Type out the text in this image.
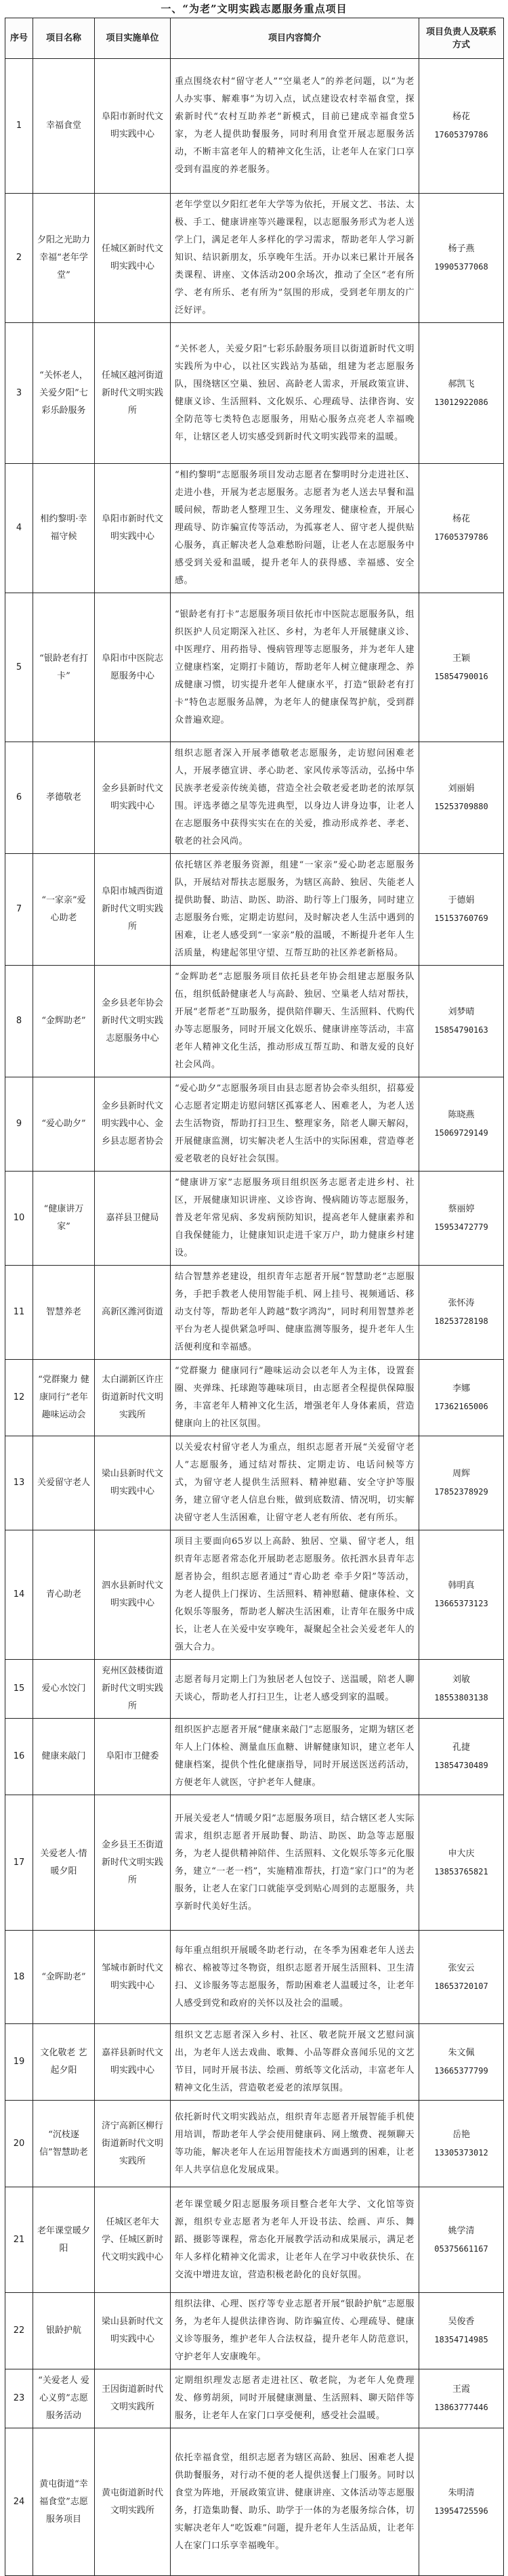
一、“为老”文明实践志愿服务重点项目
序号	项目名称	项目实施单位	项目内容简介	项目负责人及联系方式
1	幸福食堂	阜阳市新时代文明实践中心	重点围绕农村“留守老人”“空巢老人”的养老问题，以“为老人办实事、解难事”为切入点，试点建设农村幸福食堂，探索新时代“农村互助养老”新模式，目前已建成幸福食堂5家，为老人提供助餐服务，同时利用食堂开展志愿服务活动，不断丰富老年人的精神文化生活，让老年人在家门口享受到有温度的养老服务。	杨花
17605379786

2	夕阳之光助力幸福“老年学堂”	任城区新时代文明实践中心	老年学堂以夕阳红老年大学等为依托，开展文艺、书法、太极、手工、健康讲座等兴趣课程，以志愿服务形式为老人送学上门，满足老年人多样化的学习需求，帮助老年人学习新知识、结识新朋友，乐享晚年生活。开办以来已累计开展各类课程、讲座、文体活动200余场次，推动了全区“老有所学、老有所乐、老有所为”氛围的形成，受到老年朋友的广泛好评。	杨子燕
19905377068

3	“关怀老人，关爱夕阳”七彩乐龄服务	任城区越河街道新时代文明实践所	“关怀老人，关爱夕阳”七彩乐龄服务项目以街道新时代文明实践所为中心，以社区实践站为基础，组建为老志愿服务队，围绕辖区空巢、独居、高龄老人需求，开展政策宣讲、健康义诊、生活照料、文化娱乐、心理疏导、法律咨询、安全防范等七类特色志愿服务，用贴心服务点亮老人幸福晚年，让辖区老人切实感受到新时代文明实践带来的温暖。	郝凯飞
13012922086

4	相约黎明·幸福守候	阜阳市新时代文明实践中心	“相约黎明”志愿服务项目发动志愿者在黎明时分走进社区、走进小巷，开展为老志愿服务。志愿者为老人送去早餐和温暖问候，帮助老人整理卫生、义务理发、健康检查，开展心理疏导、防诈骗宣传等活动，为孤寡老人、留守老人提供贴心服务，真正解决老人急难愁盼问题，让老人在志愿服务中感受到关爱和温暖，提升老年人的获得感、幸福感、安全感。	杨花
17605379786

5	“银龄老有打卡”	阜阳市中医院志愿服务中心	“银龄老有打卡”志愿服务项目依托市中医院志愿服务队，组织医护人员定期深入社区、乡村，为老年人开展健康义诊、中医理疗、用药指导、慢病管理等志愿服务，并为老年人建立健康档案，定期打卡随访，帮助老年人树立健康理念、养成健康习惯，切实提升老年人健康水平，打造“银龄老有打卡”特色志愿服务品牌，为老年人的健康保驾护航，受到群众普遍欢迎。	王颖
15854790016

6	孝德敬老	金乡县新时代文明实践中心	组织志愿者深入开展孝德敬老志愿服务，走访慰问困难老人，开展孝德宣讲、孝心助老、家风传承等活动，弘扬中华民族孝老爱亲传统美德，营造全社会敬老爱老助老的浓厚氛围。评选孝德之星等先进典型，以身边人讲身边事，让老人在志愿服务中获得实实在在的关爱，推动形成养老、孝老、敬老的社会风尚。	刘丽娟
15253709880

7	“一家亲”爱心助老	阜阳市城西街道新时代文明实践所	依托辖区养老服务资源，组建“一家亲”爱心助老志愿服务队，开展结对帮扶志愿服务，为辖区高龄、独居、失能老人提供助餐、助洁、助医、助浴、助行等上门服务，同时建立志愿服务台账，定期走访慰问，及时解决老人生活中遇到的困难，让老人感受到“一家亲”般的温暖，不断提升老年人生活质量，构建起邻里守望、互帮互助的社区养老新格局。	于德娟
15153760769

8	“金辉助老”	金乡县老年协会新时代文明实践志愿服务中心	“金辉助老”志愿服务项目依托县老年协会组建志愿服务队伍，组织低龄健康老人与高龄、独居、空巢老人结对帮扶，开展“老帮老”互助服务，提供陪伴聊天、生活照料、代购代办等志愿服务，同时开展文化娱乐、健康讲座等活动，丰富老年人精神文化生活，推动形成互帮互助、和谐友爱的良好社会风尚。	刘梦晴
15854790163

9	“爱心助夕”	金乡县新时代文明实践中心、金乡县志愿者协会	“爱心助夕”志愿服务项目由县志愿者协会牵头组织，招募爱心志愿者定期走访慰问辖区孤寡老人、困难老人，为老人送去生活物资，帮助打扫卫生、整理家务，陪老人聊天解闷，开展健康监测，切实解决老人生活中的实际困难，营造尊老爱老敬老的良好社会氛围。	陈晓燕
15069729149

10	“健康讲万家”	嘉祥县卫健局	“健康讲万家”志愿服务项目组织医务志愿者走进乡村、社区，开展健康知识讲座、义诊咨询、慢病随访等志愿服务，普及老年常见病、多发病预防知识，提高老年人健康素养和自我保健能力，让健康知识走进千家万户，助力健康乡村建设。	蔡丽婷
15953472779

11	智慧养老	高新区潍河街道	结合智慧养老建设，组织青年志愿者开展“智慧助老”志愿服务，手把手教老人使用智能手机、网上挂号、视频通话、移动支付等，帮助老年人跨越“数字鸿沟”，同时利用智慧养老平台为老人提供紧急呼叫、健康监测等服务，提升老年人生活便利度和幸福感。	张怀涛
18253728198

12	“党群聚力 健康同行”老年趣味运动会	太白湖新区许庄街道新时代文明实践所	“党群聚力 健康同行”趣味运动会以老年人为主体，设置套圈、夹弹珠、托球跑等趣味项目，由志愿者全程提供保障服务，丰富老年人精神文化生活，增强老年人身体素质，营造健康向上的社区氛围。	李娜
17362165006

13	关爱留守老人	梁山县新时代文明实践中心	以关爱农村留守老人为重点，组织志愿者开展“关爱留守老人”志愿服务，通过结对帮扶、定期走访、电话问候等方式，为留守老人提供生活照料、精神慰藉、安全守护等服务，建立留守老人信息台账，做到底数清、情况明，切实解决留守老人生活困难，让留守老人老有所依、老有所乐。	周辉
17852378929

14	青心助老	泗水县新时代文明实践中心	项目主要面向65岁以上高龄、独居、空巢、留守老人，组织青年志愿者常态化开展助老志愿服务。依托泗水县青年志愿者协会，组织志愿者通过“青心助老 牵手夕阳”等活动，为老人提供上门探访、生活照料、精神慰藉、健康体检、文化娱乐等服务，帮助老人解决生活困难，让青年在服务中成长，让老人在关爱中安享晚年，凝聚起全社会关爱老年人的强大合力。	韩明真
13665373123

15	爱心水饺门	兖州区鼓楼街道新时代文明实践所	志愿者每月定期上门为独居老人包饺子、送温暖，陪老人聊天谈心，帮助老人打扫卫生，让老人感受到家的温暖。	刘敏
18553803138

16	健康来敲门	阜阳市卫健委	组织医护志愿者开展“健康来敲门”志愿服务，定期为辖区老年人上门体检、测量血压血糖、讲解健康知识，建立老年人健康档案，提供个性化健康指导，同时开展送医送药活动，方便老年人就医，守护老年人健康。	孔捷
13854730489

17	关爱老人·情暖夕阳	金乡县王丕街道新时代文明实践所	开展关爱老人“情暖夕阳”志愿服务项目，结合辖区老人实际需求，组织志愿者开展助餐、助洁、助医、助急等志愿服务，为老人提供精神陪伴、生活照料、文化娱乐等多元化服务，建立“一老一档”，实施精准帮扶，打造“家门口”的为老服务，让老人在家门口就能享受到贴心周到的志愿服务，共享新时代美好生活。	申大庆
13853765821

18	“金晖助老”	邹城市新时代文明实践中心	每年重点组织开展暖冬助老行动，在冬季为困难老年人送去棉衣、棉被等过冬物资，组织志愿者开展生活照料、卫生清扫、义诊服务等志愿服务，帮助困难老人温暖过冬，让老年人感受到党和政府的关怀以及社会的温暖。	张安云
18653720107

19	文化敬老 艺起夕阳	嘉祥县新时代文明实践中心	组织文艺志愿者深入乡村、社区、敬老院开展文艺慰问演出，为老年人送去戏曲、歌舞、小品等群众喜闻乐见的文艺节目，同时开展书法、绘画、剪纸等文化活动，丰富老年人精神文化生活，营造敬老爱老的浓厚氛围。	朱文佩
13665377799

20	“沉枝逐信”智慧助老	济宁高新区柳行街道新时代文明实践所	依托新时代文明实践站点，组织青年志愿者开展智能手机使用培训，帮助老年人学会使用健康码、网上缴费、视频聊天等功能，解决老年人在运用智能技术方面遇到的困难，让老年人共享信息化发展成果。	岳艳
13305373012

21	老年课堂暖夕阳	任城区老年大学、任城区新时代文明实践中心	老年课堂暖夕阳志愿服务项目整合老年大学、文化馆等资源，组织专业志愿者为老年人开设书法、绘画、声乐、舞蹈、摄影等课程，常态化开展教学活动和成果展示，满足老年人多样化精神文化需求，让老年人在学习中收获快乐、在交流中增进友谊，营造积极老龄化的良好氛围。	姚学清
05375661167

22	银龄护航	梁山县新时代文明实践中心	组织法律、心理、医疗等专业志愿者开展“银龄护航”志愿服务，为老年人提供法律咨询、防诈骗宣传、心理疏导、健康义诊等服务，维护老年人合法权益，提升老年人防范意识，守护老年人安康晚年。	吴俊香
18354714985

23	“关爱老人 爱心义剪”志愿服务活动	王因街道新时代文明实践所	定期组织理发志愿者走进社区、敬老院，为老年人免费理发、修剪胡须，同时开展健康测量、生活照料、聊天陪伴等服务，让老年人在家门口享受便利，感受社会温暖。	王霞
13863777446

24	黄屯街道“幸福食堂”志愿服务项目	黄屯街道新时代文明实践所	依托幸福食堂，组织志愿者为辖区高龄、独居、困难老人提供助餐服务，对行动不便的老人提供送餐上门服务。同时以食堂为阵地，开展政策宣讲、健康讲座、文体活动等志愿服务，打造集助餐、助乐、助学于一体的为老服务综合体，切实解决老年人“吃饭难”问题，提升老年人生活品质，让老年人在家门口乐享幸福晚年。	朱明清
13954725596
